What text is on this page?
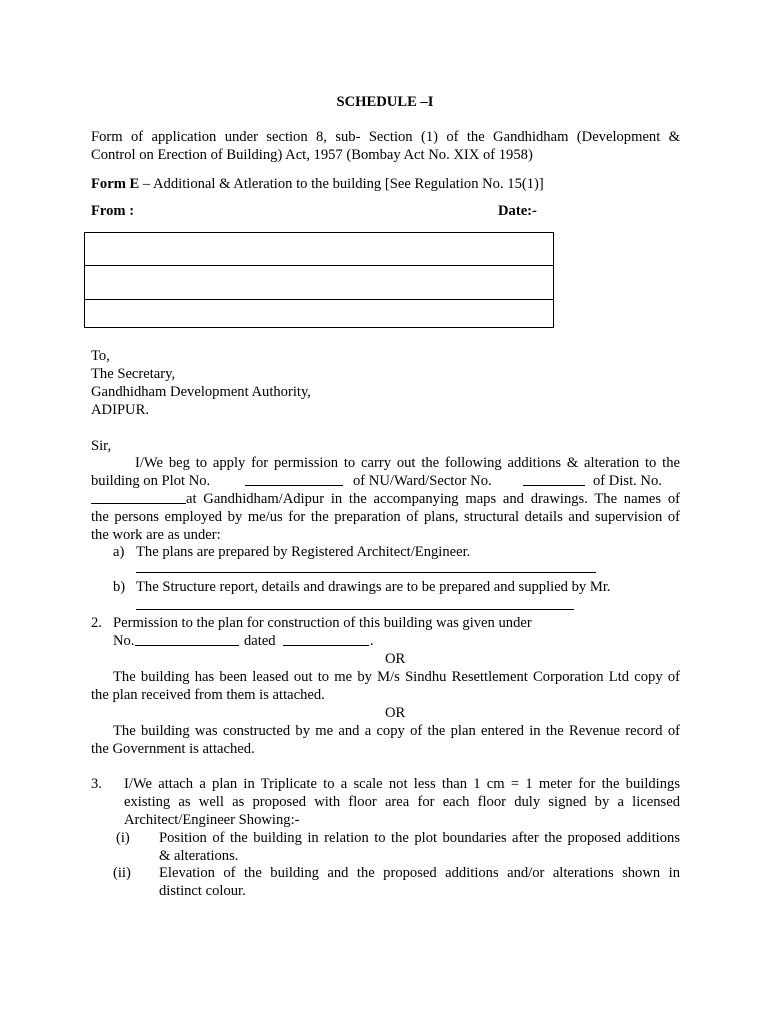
SCHEDULE –I
Form of application under section 8, sub- Section (1) of the Gandhidham (Development &
Control on Erection of Building) Act, 1957 (Bombay Act No. XIX of 1958)
Form E – Additional & Atleration to the building [See Regulation No. 15(1)]
From :	Date:-
To,
The Secretary,
Gandhidham Development Authority,
ADIPUR.
Sir,
I/We beg to apply for permission to carry out the following additions & alteration to the
building on Plot No.	of NU/Ward/Sector No.	of Dist. No.
at Gandhidham/Adipur in the accompanying maps and drawings. The names of
the persons employed by me/us for the preparation of plans, structural details and supervision of
the work are as under:
a) The plans are prepared by Registered Architect/Engineer.
b) The Structure report, details and drawings are to be prepared and supplied by Mr.
2. Permission to the plan for construction of this building was given under
No.	dated	.
OR
The building has been leased out to me by M/s Sindhu Resettlement Corporation Ltd copy of
the plan received from them is attached.
OR
The building was constructed by me and a copy of the plan entered in the Revenue record of
the Government is attached.
3. I/We attach a plan in Triplicate to a scale not less than 1 cm = 1 meter for the buildings
existing as well as proposed with floor area for each floor duly signed by a licensed
Architect/Engineer Showing:-
(i) Position of the building in relation to the plot boundaries after the proposed additions
& alterations.
(ii) Elevation of the building and the proposed additions and/or alterations shown in
distinct colour.
